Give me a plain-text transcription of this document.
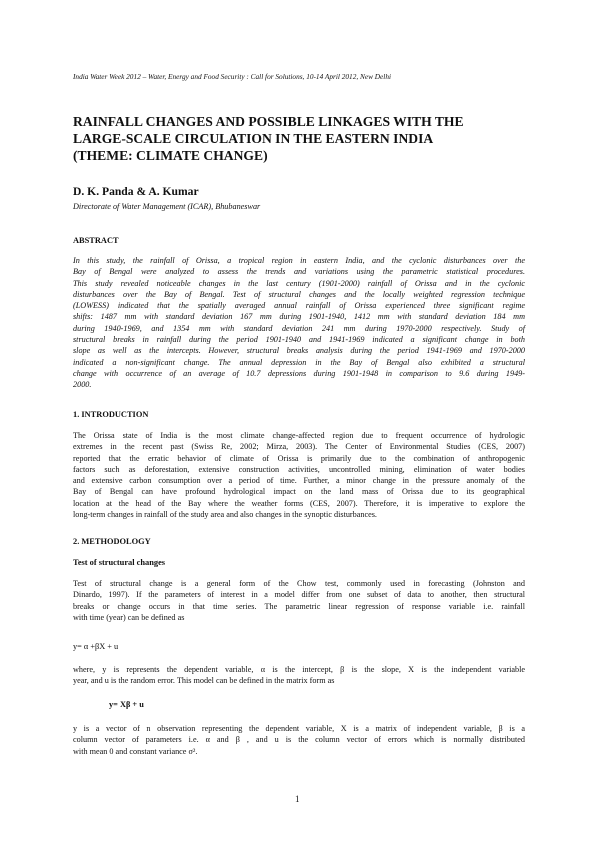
India Water Week 2012 – Water, Energy and Food Security : Call for Solutions, 10-14 April 2012, New Delhi
RAINFALL CHANGES AND POSSIBLE LINKAGES WITH THE
LARGE-SCALE CIRCULATION IN THE EASTERN INDIA
(THEME: CLIMATE CHANGE)
D. K. Panda & A. Kumar
Directorate of Water Management (ICAR), Bhubaneswar
ABSTRACT
In this study, the rainfall of Orissa, a tropical region in eastern India, and the cyclonic disturbances over the
Bay of Bengal were analyzed to assess the trends and variations using the parametric statistical procedures.
This study revealed noticeable changes in the last century (1901-2000) rainfall of Orissa and in the cyclonic
disturbances over the Bay of Bengal. Test of structural changes and the locally weighted regression technique
(LOWESS) indicated that the spatially averaged annual rainfall of Orissa experienced three significant regime
shifts: 1487 mm with standard deviation 167 mm during 1901-1940, 1412 mm with standard deviation 184 mm
during 1940-1969, and 1354 mm with standard deviation 241 mm during 1970-2000 respectively. Study of
structural breaks in rainfall during the period 1901-1940 and 1941-1969 indicated a significant change in both
slope as well as the intercepts. However, structural breaks analysis during the period 1941-1969 and 1970-2000
indicated a non-significant change. The annual depression in the Bay of Bengal also exhibited a structural
change with occurrence of an average of 10.7 depressions during 1901-1948 in comparison to 9.6 during 1949-
2000.
1. INTRODUCTION
The Orissa state of India is the most climate change-affected region due to frequent occurrence of hydrologic
extremes in the recent past (Swiss Re, 2002; Mirza, 2003). The Center of Environmental Studies (CES, 2007)
reported that the erratic behavior of climate of Orissa is primarily due to the combination of anthropogenic
factors such as deforestation, extensive construction activities, uncontrolled mining, elimination of water bodies
and extensive carbon consumption over a period of time. Further, a minor change in the pressure anomaly of the
Bay of Bengal can have profound hydrological impact on the land mass of Orissa due to its geographical
location at the head of the Bay where the weather forms (CES, 2007). Therefore, it is imperative to explore the
long-term changes in rainfall of the study area and also changes in the synoptic disturbances.
2. METHODOLOGY
Test of structural changes
Test of structural change is a general form of the Chow test, commonly used in forecasting (Johnston and
Dinardo, 1997). If the parameters of interest in a model differ from one subset of data to another, then structural
breaks or change occurs in that time series. The parametric linear regression of response variable i.e. rainfall
with time (year) can be defined as
y= α +βX + u
where, y is represents the dependent variable, α is the intercept, β is the slope, X is the independent variable
year, and u is the random error. This model can be defined in the matrix form as
y= Xβ + u
y is a vector of n observation representing the dependent variable, X is a matrix of independent variable, β is a
column vector of parameters i.e. α and β , and u is the column vector of errors which is normally distributed
with mean 0 and constant variance σ².
1
